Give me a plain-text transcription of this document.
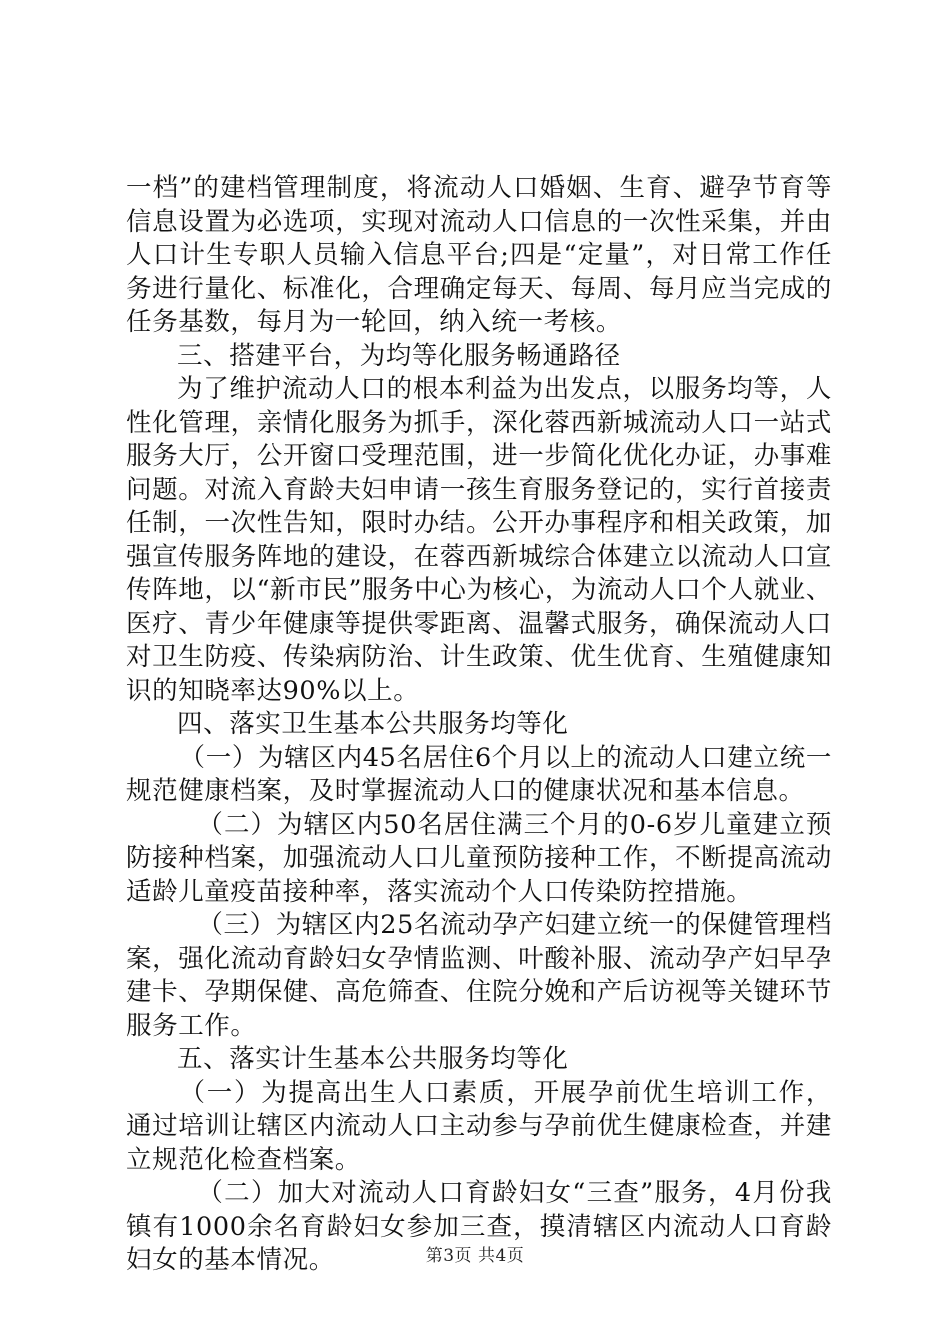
一档”的建档管理制度，将流动人口婚姻、生育、避孕节育等信息设置为必选项，实现对流动人口信息的一次性采集，并由人口计生专职人员输入信息平台;四是“定量”，对日常工作任务进行量化、标准化，合理确定每天、每周、每月应当完成的任务基数，每月为一轮回，纳入统一考核。

三、搭建平台，为均等化服务畅通路径

为了维护流动人口的根本利益为出发点，以服务均等，人性化管理，亲情化服务为抓手，深化蓉西新城流动人口一站式服务大厅，公开窗口受理范围，进一步简化优化办证，办事难问题。对流入育龄夫妇申请一孩生育服务登记的，实行首接责任制，一次性告知，限时办结。公开办事程序和相关政策，加强宣传服务阵地的建设，在蓉西新城综合体建立以流动人口宣传阵地，以“新市民”服务中心为核心，为流动人口个人就业、医疗、青少年健康等提供零距离、温馨式服务，确保流动人口对卫生防疫、传染病防治、计生政策、优生优育、生殖健康知识的知晓率达90%以上。

四、落实卫生基本公共服务均等化

（一）为辖区内45名居住6个月以上的流动人口建立统一规范健康档案，及时掌握流动人口的健康状况和基本信息。

（二）为辖区内50名居住满三个月的0-6岁儿童建立预防接种档案，加强流动人口儿童预防接种工作，不断提高流动适龄儿童疫苗接种率，落实流动个人口传染防控措施。

（三）为辖区内25名流动孕产妇建立统一的保健管理档案，强化流动育龄妇女孕情监测、叶酸补服、流动孕产妇早孕建卡、孕期保健、高危筛查、住院分娩和产后访视等关键环节服务工作。

五、落实计生基本公共服务均等化

（一）为提高出生人口素质，开展孕前优生培训工作，通过培训让辖区内流动人口主动参与孕前优生健康检查，并建立规范化检查档案。

（二）加大对流动人口育龄妇女“三查”服务，4月份我镇有1000余名育龄妇女参加三查，摸清辖区内流动人口育龄妇女的基本情况。	第3页 共4页
